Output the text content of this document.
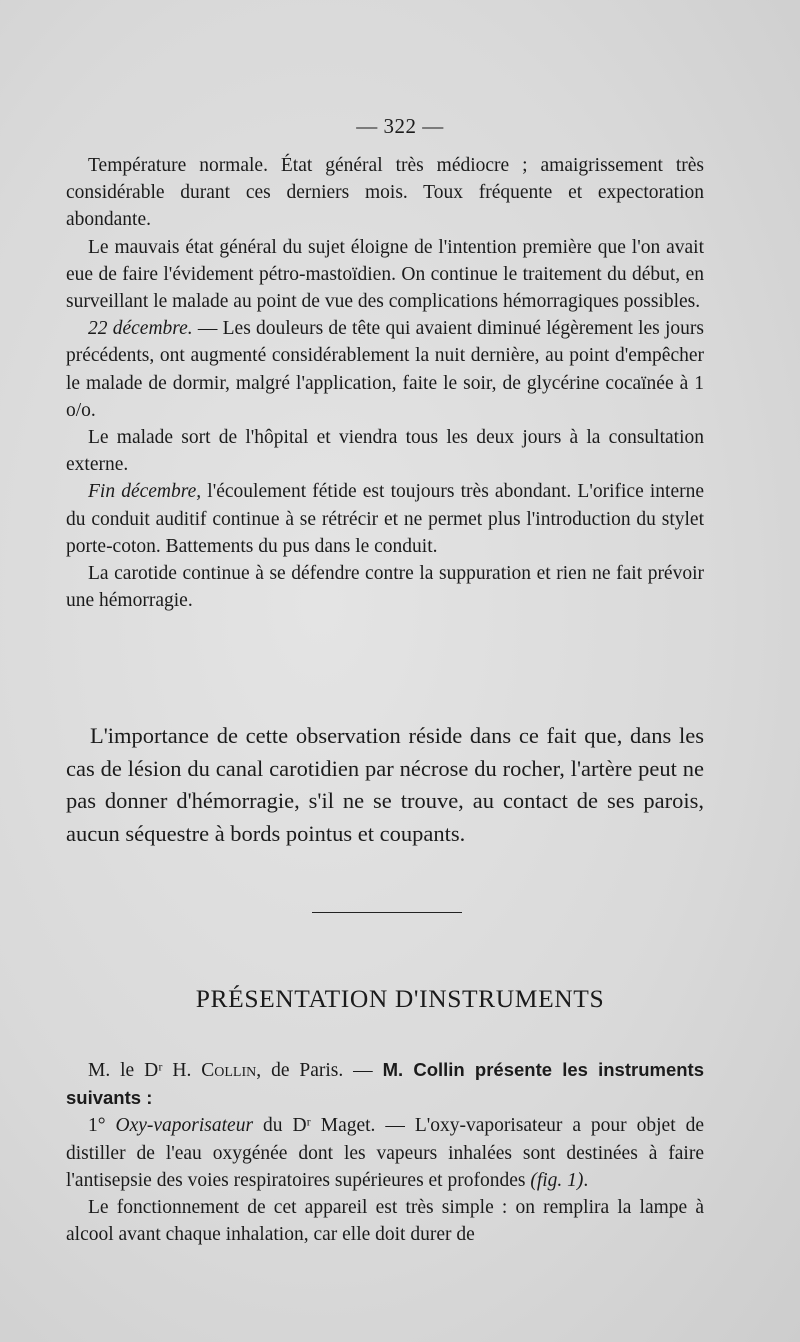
— 322 —

Température normale. État général très médiocre ; amaigrissement très considérable durant ces derniers mois. Toux fréquente et expectoration abondante.

Le mauvais état général du sujet éloigne de l'intention première que l'on avait eue de faire l'évidement pétro-mastoïdien. On continue le traitement du début, en surveillant le malade au point de vue des complications hémorragiques possibles.

22 décembre. — Les douleurs de tête qui avaient diminué légèrement les jours précédents, ont augmenté considérablement la nuit dernière, au point d'empêcher le malade de dormir, malgré l'application, faite le soir, de glycérine cocaïnée à 1 o/o.

Le malade sort de l'hôpital et viendra tous les deux jours à la consultation externe.

Fin décembre, l'écoulement fétide est toujours très abondant. L'orifice interne du conduit auditif continue à se rétrécir et ne permet plus l'introduction du stylet porte-coton. Battements du pus dans le conduit.

La carotide continue à se défendre contre la suppuration et rien ne fait prévoir une hémorragie.

L'importance de cette observation réside dans ce fait que, dans les cas de lésion du canal carotidien par nécrose du rocher, l'artère peut ne pas donner d'hémorragie, s'il ne se trouve, au contact de ses parois, aucun séquestre à bords pointus et coupants.

PRÉSENTATION D'INSTRUMENTS

M. le Dʳ H. Collin, de Paris. — M. Collin présente les instruments suivants :

1° Oxy-vaporisateur du Dʳ Maget. — L'oxy-vaporisateur a pour objet de distiller de l'eau oxygénée dont les vapeurs inhalées sont destinées à faire l'antisepsie des voies respiratoires supérieures et profondes (fig. 1).

Le fonctionnement de cet appareil est très simple : on remplira la lampe à alcool avant chaque inhalation, car elle doit durer de
